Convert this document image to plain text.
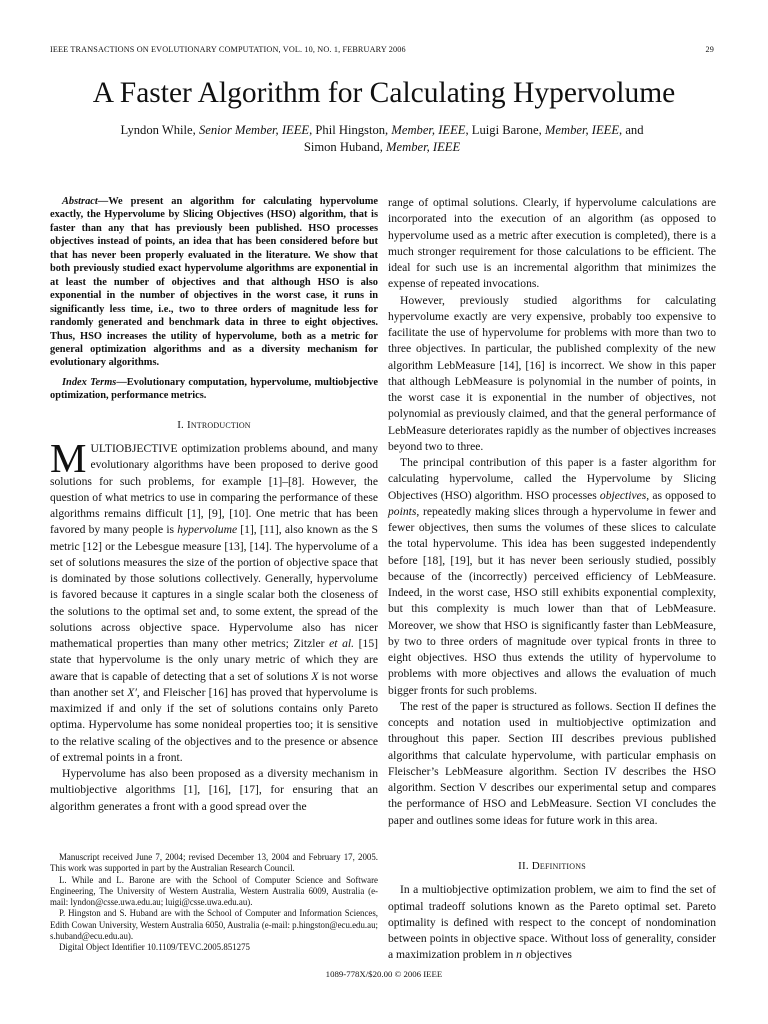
IEEE TRANSACTIONS ON EVOLUTIONARY COMPUTATION, VOL. 10, NO. 1, FEBRUARY 2006	29
A Faster Algorithm for Calculating Hypervolume
Lyndon While, Senior Member, IEEE, Phil Hingston, Member, IEEE, Luigi Barone, Member, IEEE, and
Simon Huband, Member, IEEE

Abstract—We present an algorithm for calculating hypervolume exactly, the Hypervolume by Slicing Objectives (HSO) algorithm, that is faster than any that has previously been published. HSO processes objectives instead of points, an idea that has been considered before but that has never been properly evaluated in the literature. We show that both previously studied exact hypervolume algorithms are exponential in at least the number of objectives and that although HSO is also exponential in the number of objectives in the worst case, it runs in significantly less time, i.e., two to three orders of magnitude less for randomly generated and benchmark data in three to eight objectives. Thus, HSO increases the utility of hypervolume, both as a metric for general optimization algorithms and as a diversity mechanism for evolutionary algorithms.

Index Terms—Evolutionary computation, hypervolume, multiobjective optimization, performance metrics.

I. Introduction

MULTIOBJECTIVE optimization problems abound, and many evolutionary algorithms have been proposed to derive good solutions for such problems, for example [1]–[8]. However, the question of what metrics to use in comparing the performance of these algorithms remains difficult [1], [9], [10]. One metric that has been favored by many people is hypervolume [1], [11], also known as the S metric [12] or the Lebesgue measure [13], [14]. The hypervolume of a set of solutions measures the size of the portion of objective space that is dominated by those solutions collectively. Generally, hypervolume is favored because it captures in a single scalar both the closeness of the solutions to the optimal set and, to some extent, the spread of the solutions across objective space. Hypervolume also has nicer mathematical properties than many other metrics; Zitzler et al. [15] state that hypervolume is the only unary metric of which they are aware that is capable of detecting that a set of solutions X is not worse than another set X′, and Fleischer [16] has proved that hypervolume is maximized if and only if the set of solutions contains only Pareto optima. Hypervolume has some nonideal properties too; it is sensitive to the relative scaling of the objectives and to the presence or absence of extremal points in a front.

Hypervolume has also been proposed as a diversity mechanism in multiobjective algorithms [1], [16], [17], for ensuring that an algorithm generates a front with a good spread over the

Manuscript received June 7, 2004; revised December 13, 2004 and February 17, 2005. This work was supported in part by the Australian Research Council.

L. While and L. Barone are with the School of Computer Science and Software Engineering, The University of Western Australia, Western Australia 6009, Australia (e-mail: lyndon@csse.uwa.edu.au; luigi@csse.uwa.edu.au).

P. Hingston and S. Huband are with the School of Computer and Information Sciences, Edith Cowan University, Western Australia 6050, Australia (e-mail: p.hingston@ecu.edu.au; s.huband@ecu.edu.au).

Digital Object Identifier 10.1109/TEVC.2005.851275

range of optimal solutions. Clearly, if hypervolume calculations are incorporated into the execution of an algorithm (as opposed to hypervolume used as a metric after execution is completed), there is a much stronger requirement for those calculations to be efficient. The ideal for such use is an incremental algorithm that minimizes the expense of repeated invocations.

However, previously studied algorithms for calculating hypervolume exactly are very expensive, probably too expensive to facilitate the use of hypervolume for problems with more than two to three objectives. In particular, the published complexity of the new algorithm LebMeasure [14], [16] is incorrect. We show in this paper that although LebMeasure is polynomial in the number of points, in the worst case it is exponential in the number of objectives, not polynomial as previously claimed, and that the general performance of LebMeasure deteriorates rapidly as the number of objectives increases beyond two to three.

The principal contribution of this paper is a faster algorithm for calculating hypervolume, called the Hypervolume by Slicing Objectives (HSO) algorithm. HSO processes objectives, as opposed to points, repeatedly making slices through a hypervolume in fewer and fewer objectives, then sums the volumes of these slices to calculate the total hypervolume. This idea has been suggested independently before [18], [19], but it has never been seriously studied, possibly because of the (incorrectly) perceived efficiency of LebMeasure. Indeed, in the worst case, HSO still exhibits exponential complexity, but this complexity is much lower than that of LebMeasure. Moreover, we show that HSO is significantly faster than LebMeasure, by two to three orders of magnitude over typical fronts in three to eight objectives. HSO thus extends the utility of hypervolume to problems with more objectives and allows the evaluation of much bigger fronts for such problems.

The rest of the paper is structured as follows. Section II defines the concepts and notation used in multiobjective optimization and throughout this paper. Section III describes previous published algorithms that calculate hypervolume, with particular emphasis on Fleischer’s LebMeasure algorithm. Section IV describes the HSO algorithm. Section V describes our experimental setup and compares the performance of HSO and LebMeasure. Section VI concludes the paper and outlines some ideas for future work in this area.

II. Definitions

In a multiobjective optimization problem, we aim to find the set of optimal tradeoff solutions known as the Pareto optimal set. Pareto optimality is defined with respect to the concept of nondomination between points in objective space. Without loss of generality, consider a maximization problem in n objectives

1089-778X/$20.00 © 2006 IEEE
